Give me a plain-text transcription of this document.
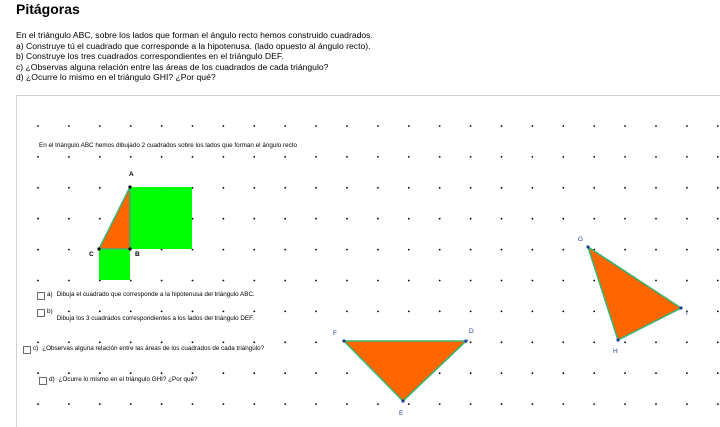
Pitágoras
En el triángulo ABC, sobre los lados que forman el ángulo recto hemos construido cuadrados.
a) Construye tú el cuadrado que corresponde a la hipotenusa. (lado opuesto al ángulo recto).
b) Construye los tres cuadrados correspondientes en el triángulo DEF.
c) ¿Observas alguna relación entre las áreas de los cuadrados de cada triángulo?
d) ¿Ocurre lo mismo en el triángulo GHI? ¿Por qué?
En el triángulo ABC hemos dibujado 2 cuadrados sobre los lados que forman el ángulo recto
A
B
C
D
E
F
G
H
I
a) Dibuja el cuadrado que corresponde a la hipotenusa del triángulo ABC.
b)
Dibuja los 3 cuadrados correspondientes a los lados del triángulo DEF.
c) ¿Observas alguna relación entre las áreas de los cuadrados de cada triángulo?
d) ¿Ocurre lo mismo en el triángulo GHI? ¿Por qué?
